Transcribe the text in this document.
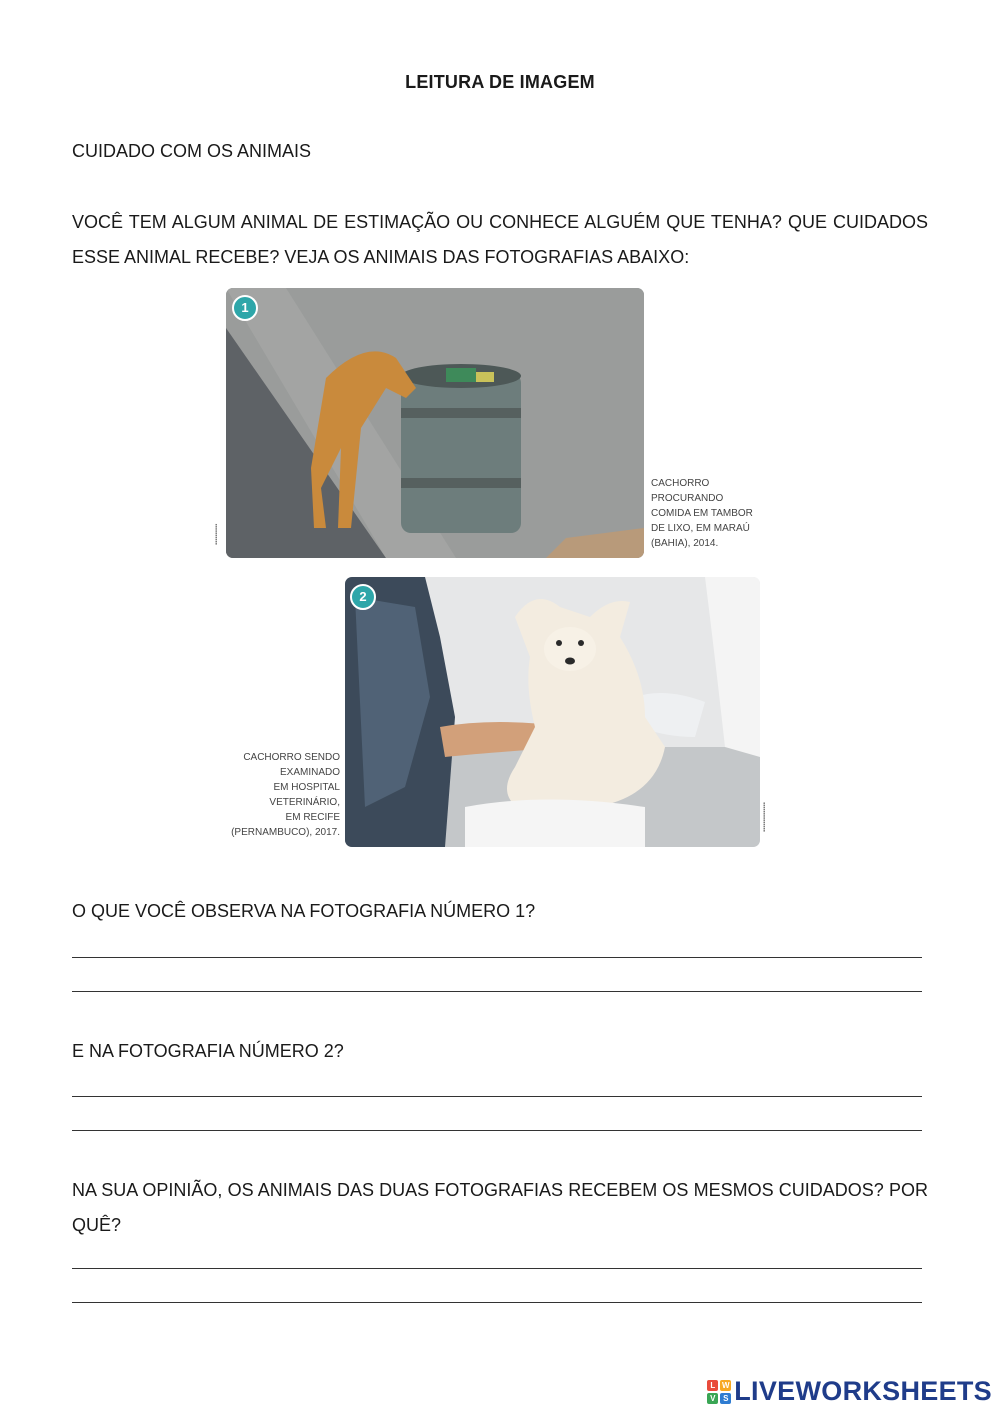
LEITURA DE IMAGEM
CUIDADO COM OS ANIMAIS
VOCÊ TEM ALGUM ANIMAL DE ESTIMAÇÃO OU CONHECE ALGUÉM QUE TENHA? QUE CUIDADOS ESSE ANIMAL RECEBE? VEJA OS ANIMAIS DAS FOTOGRAFIAS ABAIXO:
1
▪▪▪▪▪▪▪▪▪▪
CACHORRO
PROCURANDO
COMIDA EM TAMBOR
DE LIXO, EM MARAÚ
(BAHIA), 2014.
2
▪▪▪▪▪▪▪▪▪▪▪▪▪▪
CACHORRO SENDO
EXAMINADO
EM HOSPITAL
VETERINÁRIO,
EM RECIFE
(PERNAMBUCO), 2017.
O QUE VOCÊ OBSERVA NA FOTOGRAFIA NÚMERO 1?
E NA FOTOGRAFIA NÚMERO 2?
NA SUA OPINIÃO, OS ANIMAIS DAS DUAS FOTOGRAFIAS RECEBEM OS MESMOS CUIDADOS? POR QUÊ?
L W
V S LIVEWORKSHEETS
